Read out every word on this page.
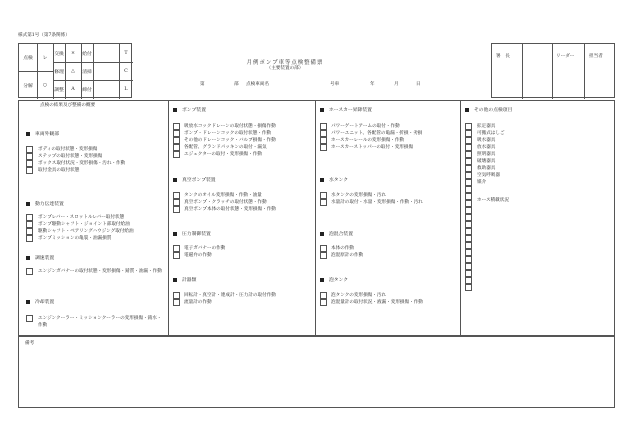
様式第1号（第7条関係）
点検	レ
分解	○
交換	×	給付	T
修理	△	清掃	C
調整	A	締付	L
月例ポンプ車等点検整備票
（主要装置の部）
第	部 点検車両名	号車	年	月	日
署　長	リーダー	担当者
備考
点検の結果及び整備の概要
車両外観部
ボディの取付状態・変形損傷
ステップの取付状態・変形損傷
ボックス取付状況・変形損傷・汚れ・作動
取付金具の取付状態
動力伝達装置
ポンプレバー・スロットルレバー取付状態
ポンプ駆動シャフト・ジョイント部取付給油
駆動シャフト・ベアリングハウジング取付給油
ポンプミッションの亀裂・油漏損質
調速装置
エンジンガバナーの取付状態・変形損傷・錆質・油漏・作動
冷却装置
エンジンクーラー・ミッションクーラーの変形損傷・錆水・作動
ポンプ装置
吸放水コックドレーンの取付状態・損傷作動
ポンプ・ドレーンコックの取付状態・作動
その他のドレーンコック・バルブ損傷・作動
各配管、グランドパッキンの取付・漏気
エジェクターの取付・変形損傷・作動
真空ポンプ装置
タンクのオイル変形損傷・作動・油量
真空ポンプ・クラッチの取付状態・作動
真空ポンプ本体の取付状態・変形損傷・作動
圧力制御装置
電子ガバナーの作動
電磁弁の作動
計器類
回転計・真空計・連成計・圧力計の取付作動
流量計の作動
ホースカー昇降装置
パワーゲートアームの取付・作動
パワーユニット、各配管の亀漏・折損・劣損
ホースカーレールの変形損傷・作動
ホースカーストッパーの取付・変形損傷
水タンク
水タンクの変形損傷・汚れ
水量計の取付・水量・変形損傷・作動・汚れ
泡混合装置
本体の作動
泡混原計の作動
泡タンク
泡タンクの変形損傷・汚れ
泡混量計の取付状況・液漏・変形損傷・作動
その他の点検項目
拡定器具
可搬式はしご
吸水器具
放水器具
照明器具
破壊器具
救助器具
空気呼吸器
媒介
ホース積載状況
